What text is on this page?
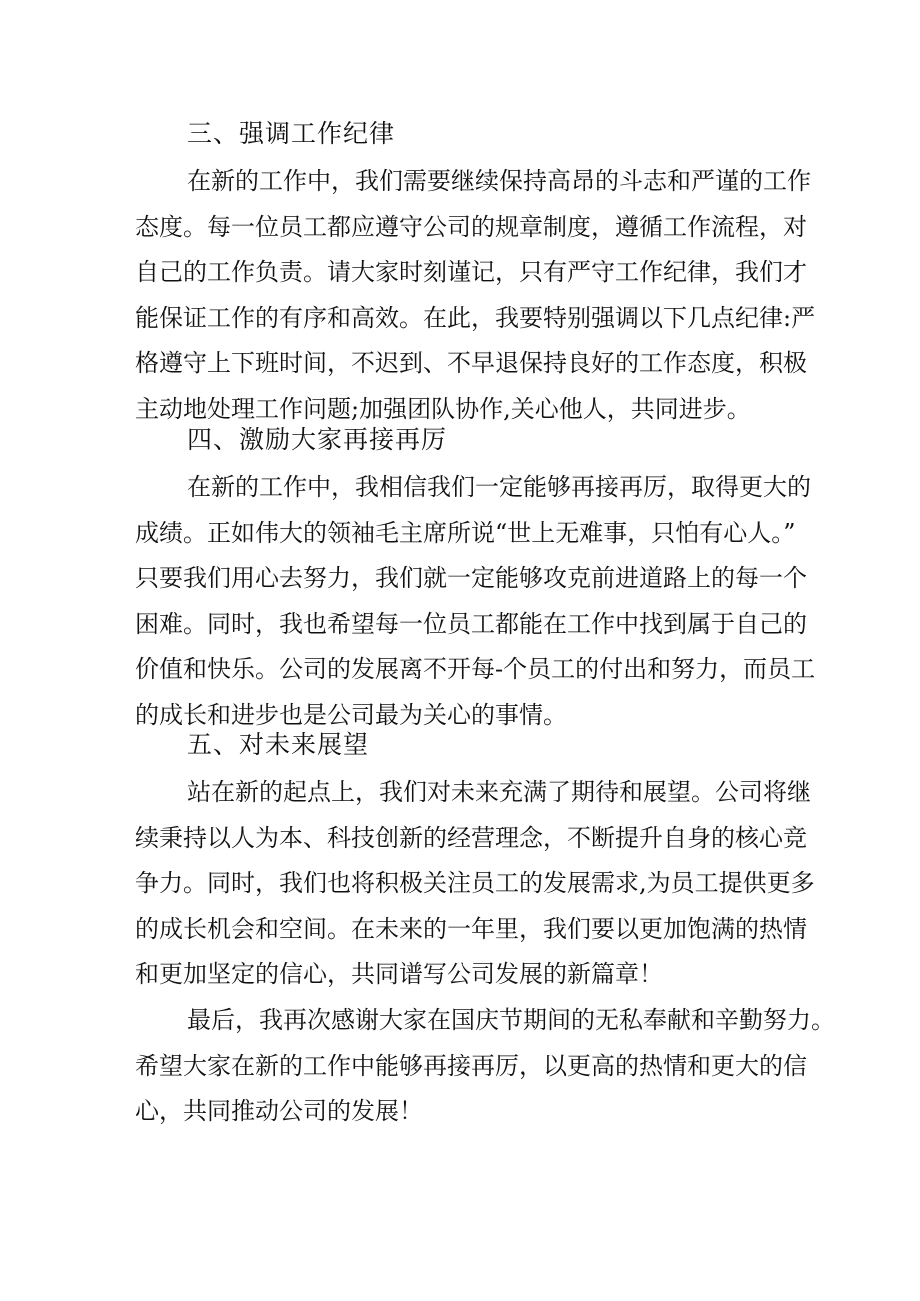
三、强调工作纪律

在新的工作中，我们需要继续保持高昂的斗志和严谨的工作
态度。每一位员工都应遵守公司的规章制度，遵循工作流程，对
自己的工作负责。请大家时刻谨记，只有严守工作纪律，我们才
能保证工作的有序和高效。在此，我要特别强调以下几点纪律:严
格遵守上下班时间，不迟到、不早退保持良好的工作态度，积极
主动地处理工作问题;加强团队协作,关心他人，共同进步。

四、激励大家再接再厉

在新的工作中，我相信我们一定能够再接再厉，取得更大的
成绩。正如伟大的领袖毛主席所说“世上无难事，只怕有心人。”
只要我们用心去努力，我们就一定能够攻克前进道路上的每一个
困难。同时，我也希望每一位员工都能在工作中找到属于自己的
价值和快乐。公司的发展离不开每-个员工的付出和努力，而员工
的成长和进步也是公司最为关心的事情。

五、对未来展望

站在新的起点上，我们对未来充满了期待和展望。公司将继
续秉持以人为本、科技创新的经营理念，不断提升自身的核心竞
争力。同时，我们也将积极关注员工的发展需求,为员工提供更多
的成长机会和空间。在未来的一年里，我们要以更加饱满的热情
和更加坚定的信心，共同谱写公司发展的新篇章！

最后，我再次感谢大家在国庆节期间的无私奉献和辛勤努力。
希望大家在新的工作中能够再接再厉，以更高的热情和更大的信
心，共同推动公司的发展！
